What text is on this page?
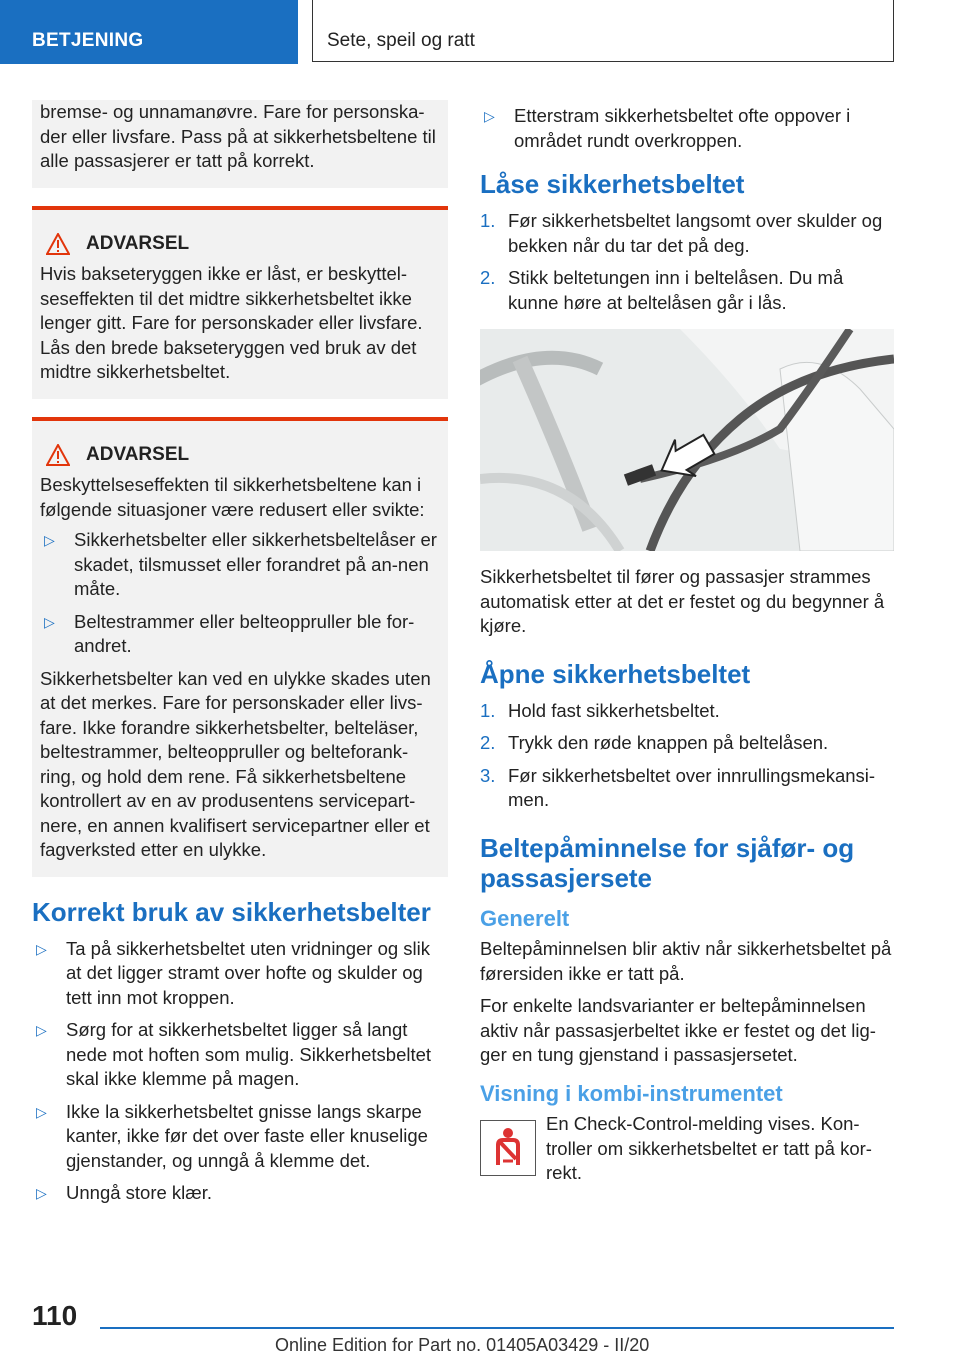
BETJENING	Sete, speil og ratt

bremse- og unnamanøvre. Fare for personska-der eller livsfare. Pass på at sikkerhetsbeltene til alle passasjerer er tatt på korrekt.

ADVARSEL

Hvis bakseteryggen ikke er låst, er beskyttel-seseffekten til det midtre sikkerhetsbeltet ikke lenger gitt. Fare for personskader eller livsfare. Lås den brede bakseteryggen ved bruk av det midtre sikkerhetsbeltet.

ADVARSEL

Beskyttelseseffekten til sikkerhetsbeltene kan i følgende situasjoner være redusert eller svikte:

▷ Sikkerhetsbelter eller sikkerhetsbeltelåser er skadet, tilsmusset eller forandret på an-nen måte.
▷ Beltestrammer eller belteoppruller ble for-andret.

Sikkerhetsbelter kan ved en ulykke skades uten at det merkes. Fare for personskader eller livs-fare. Ikke forandre sikkerhetsbelter, belteläser, beltestrammer, belteoppruller og belteforank-ring, og hold dem rene. Få sikkerhetsbeltene kontrollert av en av produsentens servicepart-nere, en annen kvalifisert servicepartner eller et fagverksted etter en ulykke.

Korrekt bruk av sikkerhetsbelter
▷ Ta på sikkerhetsbeltet uten vridninger og slik at det ligger stramt over hofte og skulder og tett inn mot kroppen.
▷ Sørg for at sikkerhetsbeltet ligger så langt nede mot hoften som mulig. Sikkerhetsbeltet skal ikke klemme på magen.
▷ Ikke la sikkerhetsbeltet gnisse langs skarpe kanter, ikke før det over faste eller knuselige gjenstander, og unngå å klemme det.
▷ Unngå store klær.
▷ Etterstram sikkerhetsbeltet ofte oppover i området rundt overkroppen.
Låse sikkerhetsbeltet
1. Før sikkerhetsbeltet langsomt over skulder og bekken når du tar det på deg.
2. Stikk beltetungen inn i beltelåsen. Du må kunne høre at beltelåsen går i lås.

Sikkerhetsbeltet til fører og passasjer strammes automatisk etter at det er festet og du begynner å kjøre.

Åpne sikkerhetsbeltet
1. Hold fast sikkerhetsbeltet.
2. Trykk den røde knappen på beltelåsen.
3. Før sikkerhetsbeltet over innrullingsmekansi-men.
Beltepåminnelse for sjåfør- og passasjersete
Generelt

Beltepåminnelsen blir aktiv når sikkerhetsbeltet på førersiden ikke er tatt på.

For enkelte landsvarianter er beltepåminnelsen aktiv når passasjerbeltet ikke er festet og det lig-ger en tung gjenstand i passasjersetet.

Visning i kombi-instrumentet

En Check-Control-melding vises. Kon-troller om sikkerhetsbeltet er tatt på kor-rekt.

110
Online Edition for Part no. 01405A03429 - II/20
